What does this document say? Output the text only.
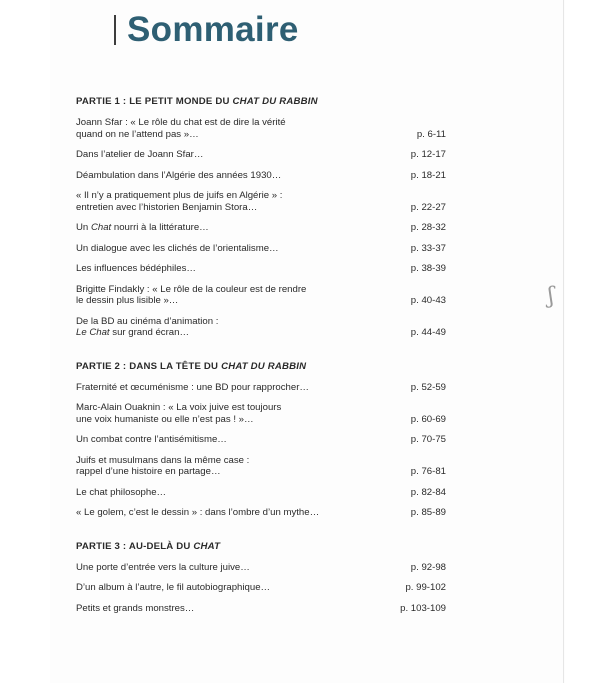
ʃ
Sommaire
PARTIE 1 : LE PETIT MONDE DU CHAT DU RABBIN
Joann Sfar : « Le rôle du chat est de dire la vérité
quand on ne l’attend pas »…	p. 6-11
Dans l’atelier de Joann Sfar…	p. 12-17
Déambulation dans l’Algérie des années 1930…	p. 18-21
« Il n’y a pratiquement plus de juifs en Algérie » :
entretien avec l’historien Benjamin Stora…	p. 22-27
Un Chat nourri à la littérature…	p. 28-32
Un dialogue avec les clichés de l’orientalisme…	p. 33-37
Les influences bédéphiles…	p. 38-39
Brigitte Findakly : « Le rôle de la couleur est de rendre
le dessin plus lisible »…	p. 40-43
De la BD au cinéma d’animation :
Le Chat sur grand écran…	p. 44-49
PARTIE 2 : DANS LA TÊTE DU CHAT DU RABBIN
Fraternité et œcuménisme : une BD pour rapprocher…	p. 52-59
Marc-Alain Ouaknin : « La voix juive est toujours
une voix humaniste ou elle n’est pas ! »…	p. 60-69
Un combat contre l’antisémitisme…	p. 70-75
Juifs et musulmans dans la même case :
rappel d’une histoire en partage…	p. 76-81
Le chat philosophe…	p. 82-84
« Le golem, c’est le dessin » : dans l’ombre d’un mythe…	p. 85-89
PARTIE 3 : AU-DELÀ DU CHAT
Une porte d’entrée vers la culture juive…	p. 92-98
D’un album à l’autre, le fil autobiographique…	p. 99-102
Petits et grands monstres…	p. 103-109
